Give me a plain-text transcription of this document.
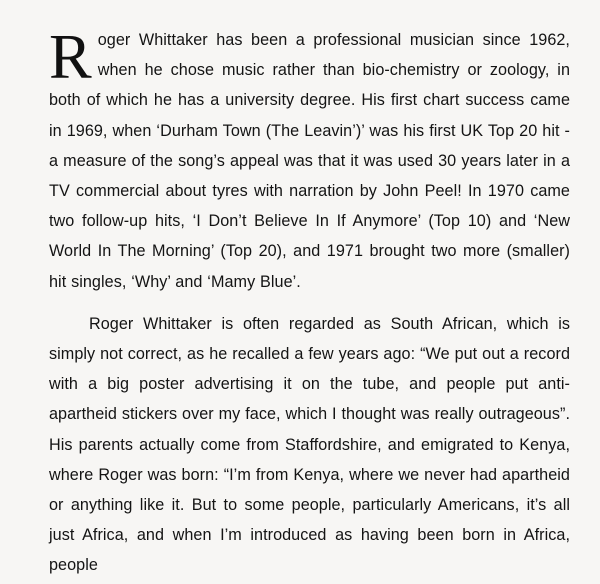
Roger Whittaker has been a professional musician since 1962, when he chose music rather than bio-chemistry or zoology, in both of which he has a university degree. His first chart success came in 1969, when ‘Durham Town (The Leavin’)’ was his first UK Top 20 hit - a measure of the song’s appeal was that it was used 30 years later in a TV commercial about tyres with narration by John Peel! In 1970 came two follow-up hits, ‘I Don’t Believe In If Anymore’ (Top 10) and ‘New World In The Morning’ (Top 20), and 1971 brought two more (smaller) hit singles, ‘Why’ and ‘Mamy Blue’.

Roger Whittaker is often regarded as South African, which is simply not correct, as he recalled a few years ago: “We put out a record with a big poster advertising it on the tube, and people put anti-apartheid stickers over my face, which I thought was really outrageous”. His parents actually come from Staffordshire, and emigrated to Kenya, where Roger was born: “I’m from Kenya, where we never had apartheid or anything like it. But to some people, particularly Americans, it’s all just Africa, and when I’m introduced as having been born in Africa, people
